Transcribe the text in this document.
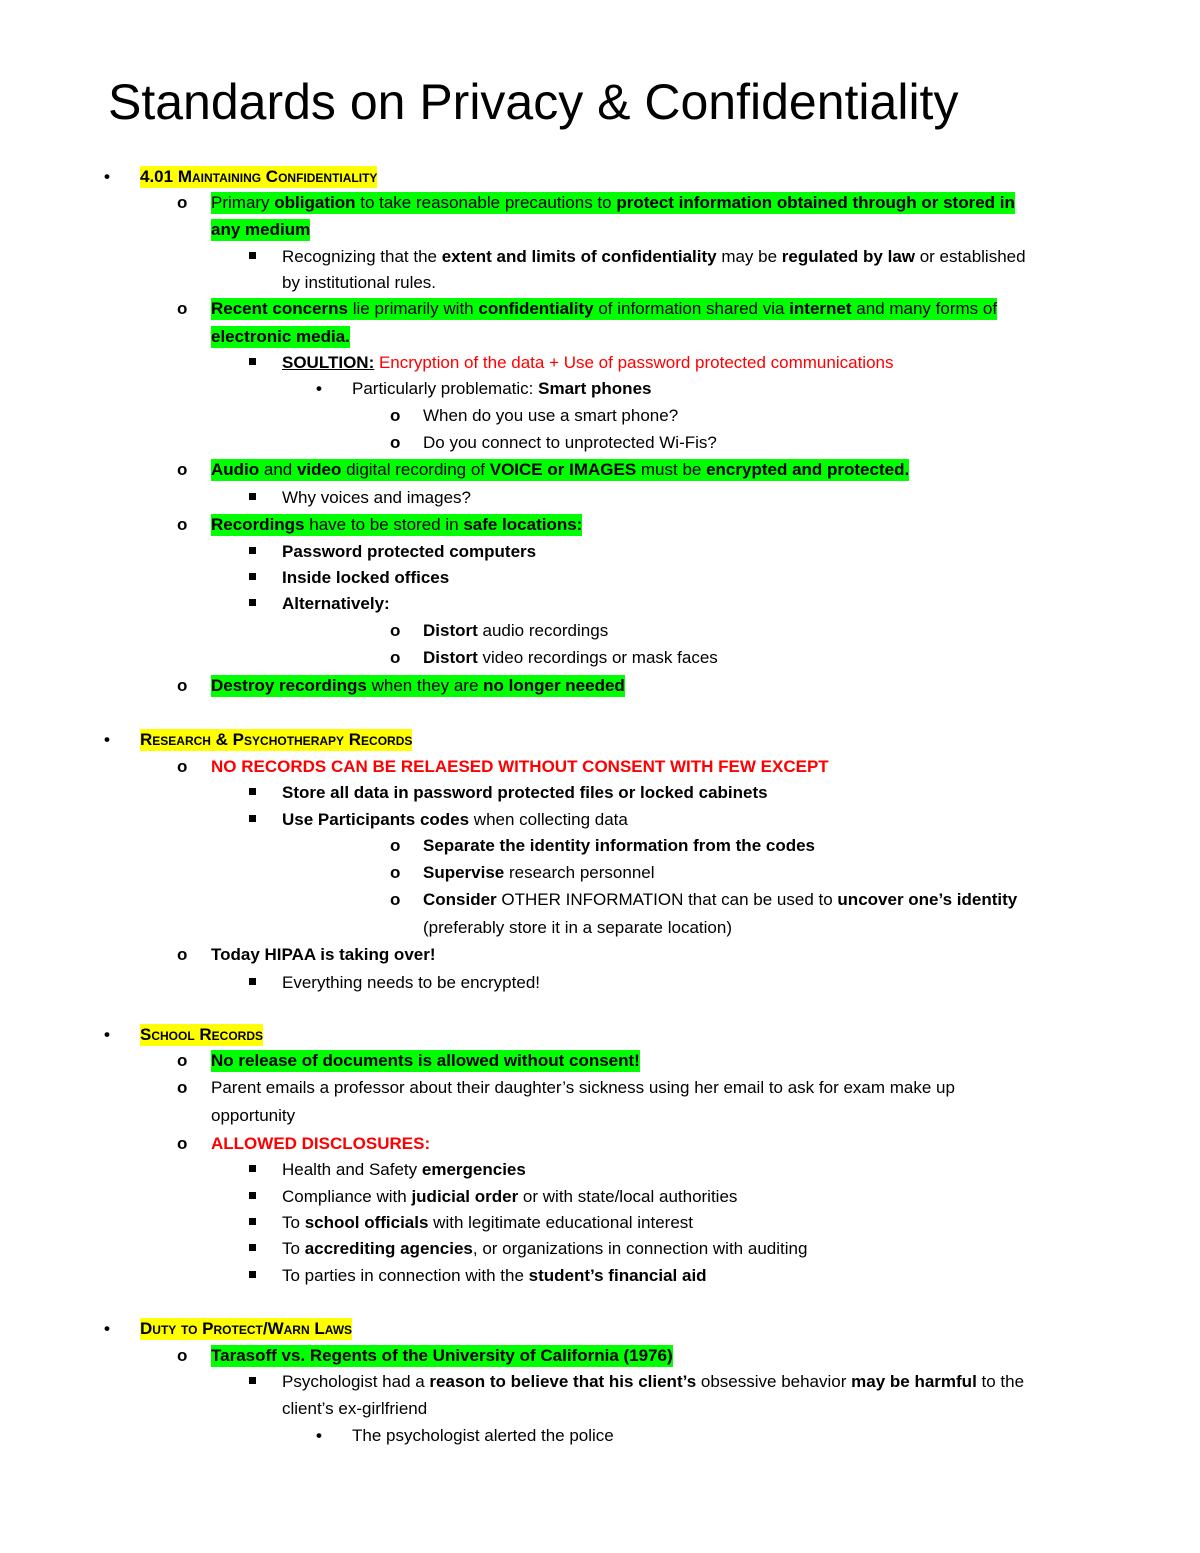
Standards on Privacy & Confidentiality
•	4.01 Maintaining Confidentiality
o Primary obligation to take reasonable precautions to protect information obtained through or stored in
any medium
Recognizing that the extent and limits of confidentiality may be regulated by law or established
by institutional rules.
o Recent concerns lie primarily with confidentiality of information shared via internet and many forms of
electronic media.
SOULTION: Encryption of the data + Use of password protected communications
•	Particularly problematic: Smart phones
o When do you use a smart phone?
o Do you connect to unprotected Wi-Fis?
o Audio and video digital recording of VOICE or IMAGES must be encrypted and protected.
Why voices and images?
o Recordings have to be stored in safe locations:
Password protected computers
Inside locked offices
Alternatively:
o Distort audio recordings
o Distort video recordings or mask faces
o Destroy recordings when they are no longer needed
•	Research & Psychotherapy Records
o NO RECORDS CAN BE RELAESED WITHOUT CONSENT WITH FEW EXCEPT
Store all data in password protected files or locked cabinets
Use Participants codes when collecting data
o Separate the identity information from the codes
o Supervise research personnel
o Consider OTHER INFORMATION that can be used to uncover one’s identity
(preferably store it in a separate location)
o Today HIPAA is taking over!
Everything needs to be encrypted!
•	School Records
o No release of documents is allowed without consent!
o Parent emails a professor about their daughter’s sickness using her email to ask for exam make up
opportunity
o ALLOWED DISCLOSURES:
Health and Safety emergencies
Compliance with judicial order or with state/local authorities
To school officials with legitimate educational interest
To accrediting agencies, or organizations in connection with auditing
To parties in connection with the student’s financial aid
•	Duty to Protect/Warn Laws
o Tarasoff vs. Regents of the University of California (1976)
Psychologist had a reason to believe that his client’s obsessive behavior may be harmful to the
client’s ex-girlfriend
•	The psychologist alerted the police
